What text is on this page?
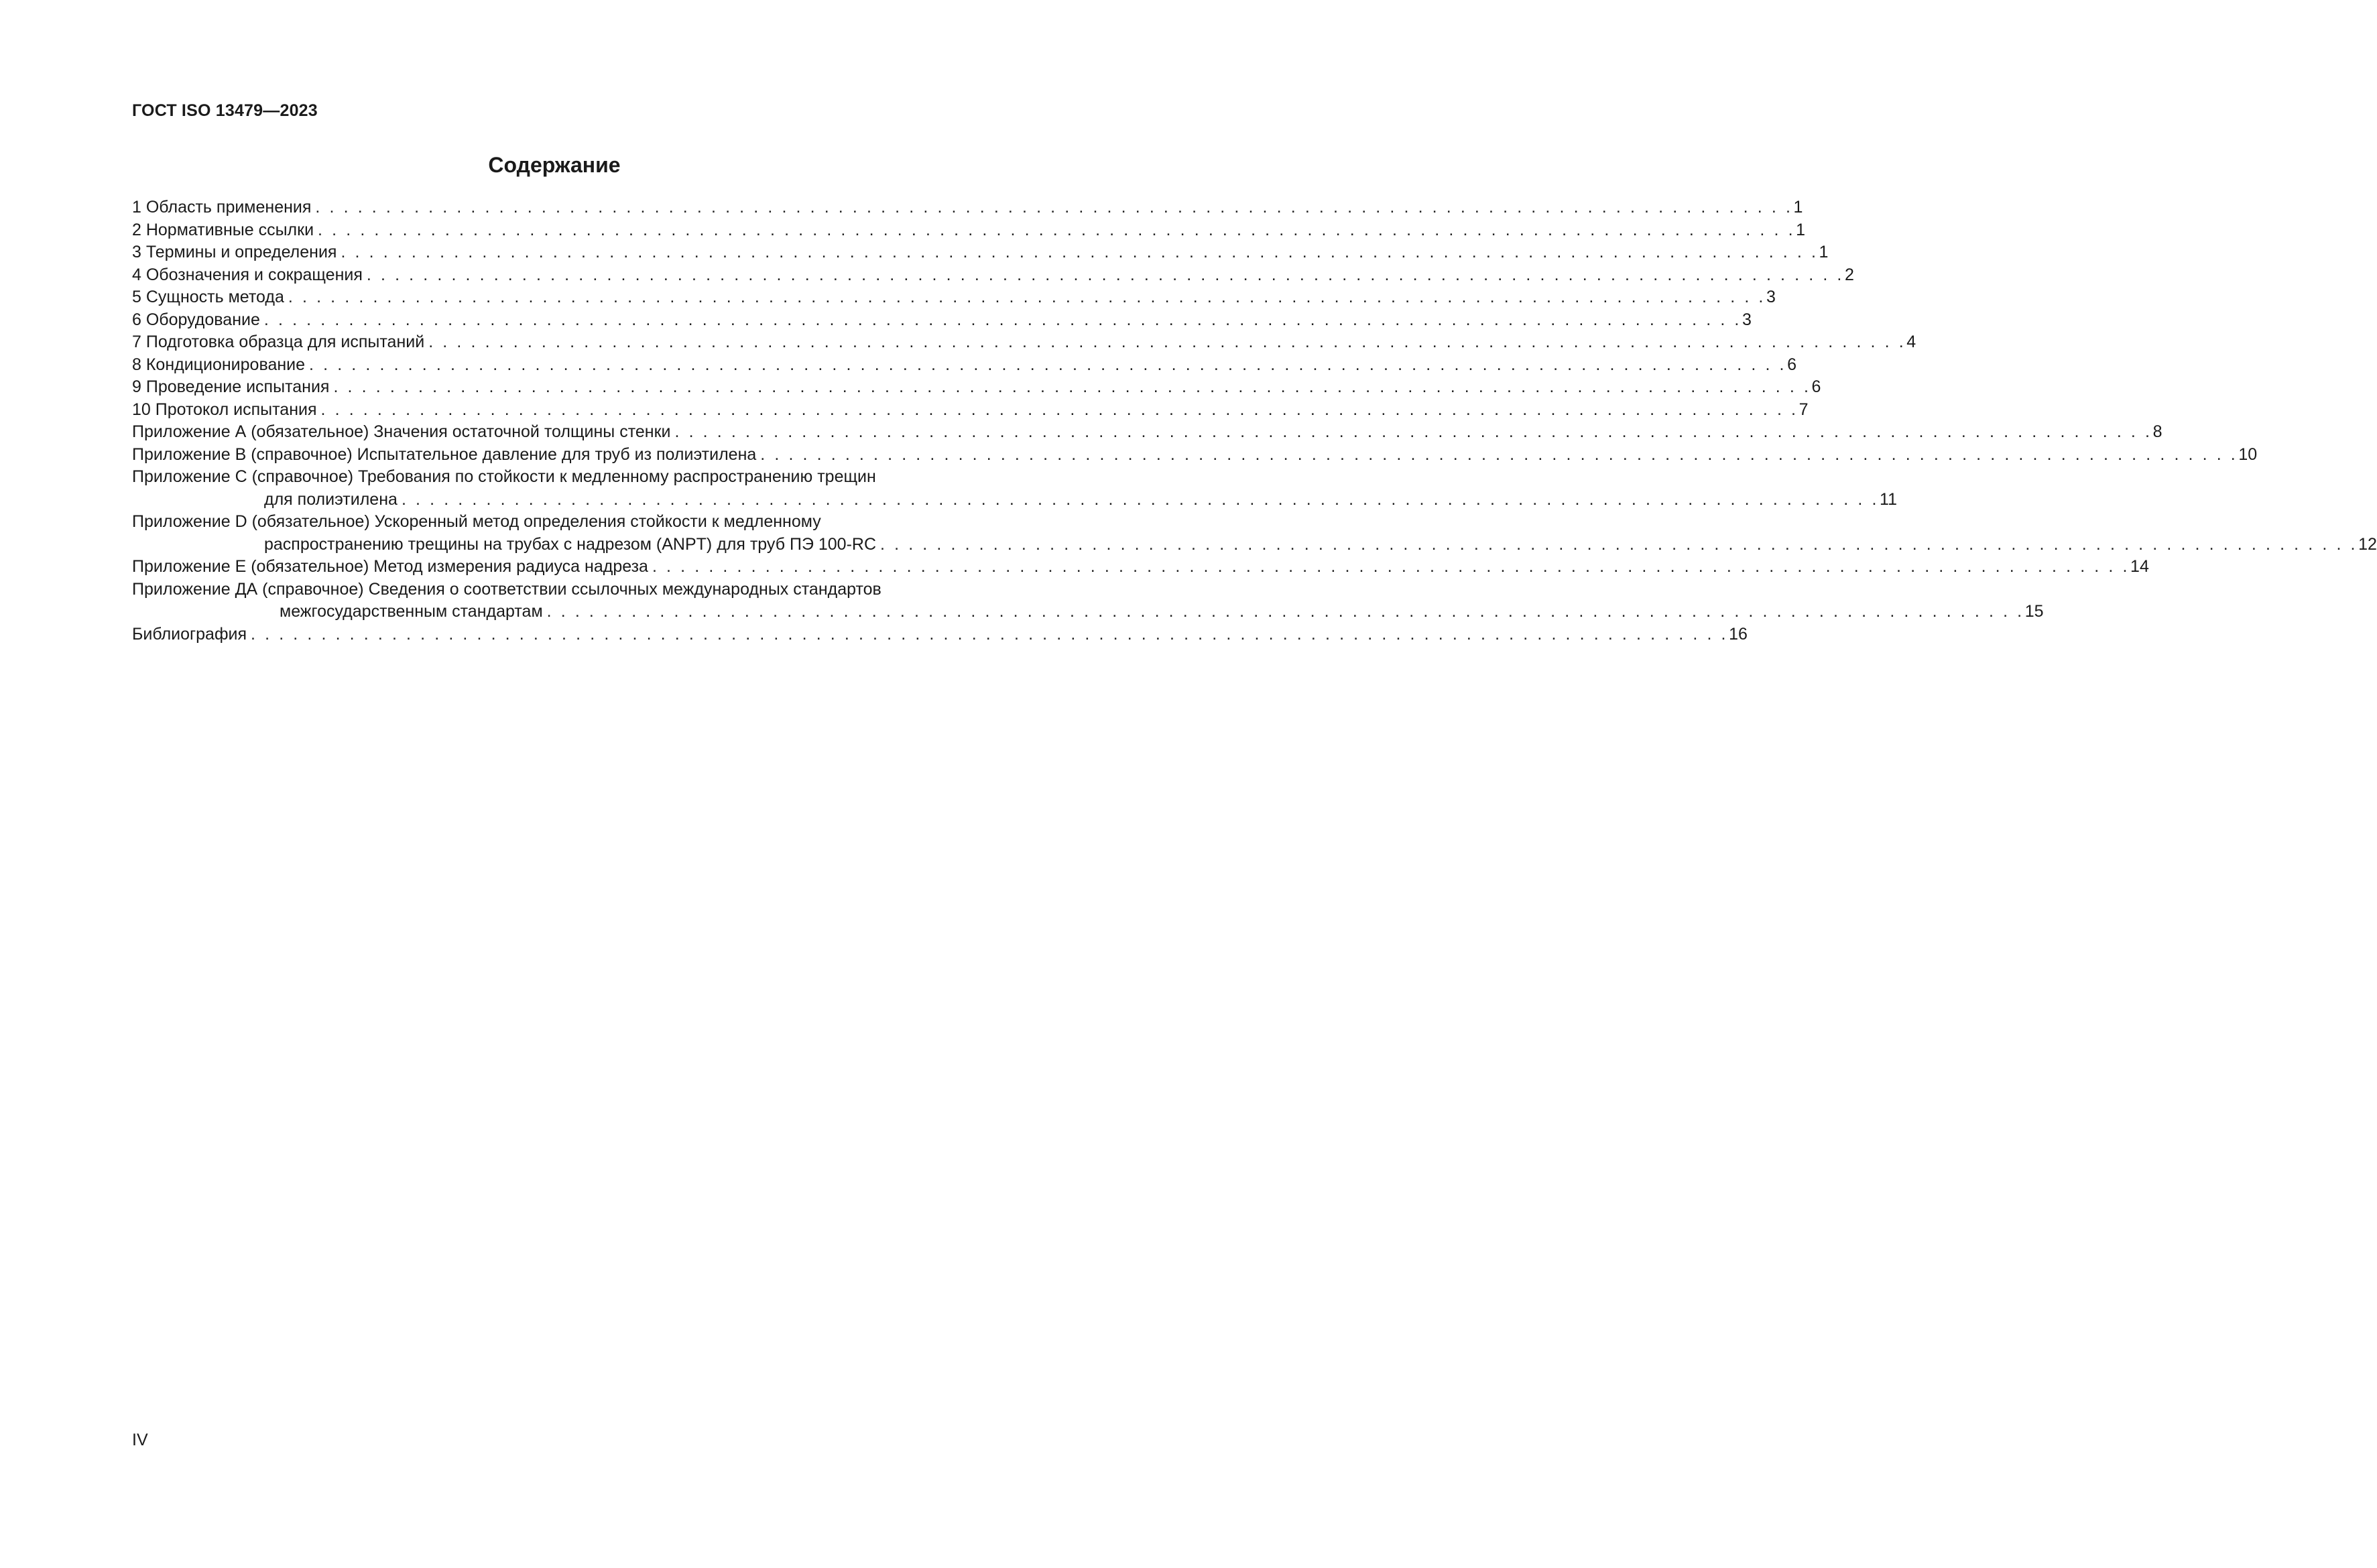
ГОСТ ISO 13479—2023
Содержание
1 Область применения . . . . . . . . . . . . . . . . . . . . . . . . . . . . . . . . . . . . . . . . . . . . . . . . . . . . . . . . . . . . . . . . . . . . . . . . . . . . . . . . . . . . . . . . . . . . . . . . . . . . . . . . . 1
2 Нормативные ссылки . . . . . . . . . . . . . . . . . . . . . . . . . . . . . . . . . . . . . . . . . . . . . . . . . . . . . . . . . . . . . . . . . . . . . . . . . . . . . . . . . . . . . . . . . . . . . . . . . . . . . . . . . 1
3 Термины и определения . . . . . . . . . . . . . . . . . . . . . . . . . . . . . . . . . . . . . . . . . . . . . . . . . . . . . . . . . . . . . . . . . . . . . . . . . . . . . . . . . . . . . . . . . . . . . . . . . . . . . . . . . 1
4 Обозначения и сокращения . . . . . . . . . . . . . . . . . . . . . . . . . . . . . . . . . . . . . . . . . . . . . . . . . . . . . . . . . . . . . . . . . . . . . . . . . . . . . . . . . . . . . . . . . . . . . . . . . . . . . . . . . 2
5 Сущность метода . . . . . . . . . . . . . . . . . . . . . . . . . . . . . . . . . . . . . . . . . . . . . . . . . . . . . . . . . . . . . . . . . . . . . . . . . . . . . . . . . . . . . . . . . . . . . . . . . . . . . . . . . 3
6 Оборудование . . . . . . . . . . . . . . . . . . . . . . . . . . . . . . . . . . . . . . . . . . . . . . . . . . . . . . . . . . . . . . . . . . . . . . . . . . . . . . . . . . . . . . . . . . . . . . . . . . . . . . . . . 3
7 Подготовка образца для испытаний . . . . . . . . . . . . . . . . . . . . . . . . . . . . . . . . . . . . . . . . . . . . . . . . . . . . . . . . . . . . . . . . . . . . . . . . . . . . . . . . . . . . . . . . . . . . . . . . . . . . . . . . . 4
8 Кондиционирование . . . . . . . . . . . . . . . . . . . . . . . . . . . . . . . . . . . . . . . . . . . . . . . . . . . . . . . . . . . . . . . . . . . . . . . . . . . . . . . . . . . . . . . . . . . . . . . . . . . . . . . . . 6
9 Проведение испытания . . . . . . . . . . . . . . . . . . . . . . . . . . . . . . . . . . . . . . . . . . . . . . . . . . . . . . . . . . . . . . . . . . . . . . . . . . . . . . . . . . . . . . . . . . . . . . . . . . . . . . . . . 6
10 Протокол испытания . . . . . . . . . . . . . . . . . . . . . . . . . . . . . . . . . . . . . . . . . . . . . . . . . . . . . . . . . . . . . . . . . . . . . . . . . . . . . . . . . . . . . . . . . . . . . . . . . . . . . . . . . 7
Приложение А (обязательное) Значения остаточной толщины стенки . . . . . . . . . . . . . . . . . . . . . . . . . . . . . . . . . . . . . . . . . . . . . . . . . . . . . . . . . . . . . . . . . . . . . . . . . . . . . . . . . . . . . . . . . . . . . . . . . . . . . . . . . 8
Приложение В (справочное) Испытательное давление для труб из полиэтилена . . . . . . . . . . . . . . . . . . . . . . . . . . . . . . . . . . . . . . . . . . . . . . . . . . . . . . . . . . . . . . . . . . . . . . . . . . . . . . . . . . . . . . . . . . . . . . . . . . . . . . . . . 10
Приложение С (справочное) Требования по стойкости к медленному распространению трещин
для полиэтилена . . . . . . . . . . . . . . . . . . . . . . . . . . . . . . . . . . . . . . . . . . . . . . . . . . . . . . . . . . . . . . . . . . . . . . . . . . . . . . . . . . . . . . . . . . . . . . . . . . . . . . . . . 11
Приложение D (обязательное) Ускоренный метод определения стойкости к медленному
распространению трещины на трубах с надрезом (ANPT) для труб ПЭ 100-RC . . . . . . . . . . . . . . . . . . . . . . . . . . . . . . . . . . . . . . . . . . . . . . . . . . . . . . . . . . . . . . . . . . . . . . . . . . . . . . . . . . . . . . . . . . . . . . . . . . . . . . . . . 12
Приложение Е (обязательное) Метод измерения радиуса надреза . . . . . . . . . . . . . . . . . . . . . . . . . . . . . . . . . . . . . . . . . . . . . . . . . . . . . . . . . . . . . . . . . . . . . . . . . . . . . . . . . . . . . . . . . . . . . . . . . . . . . . . . . 14
Приложение ДА (справочное) Сведения о соответствии ссылочных международных стандартов
межгосударственным стандартам . . . . . . . . . . . . . . . . . . . . . . . . . . . . . . . . . . . . . . . . . . . . . . . . . . . . . . . . . . . . . . . . . . . . . . . . . . . . . . . . . . . . . . . . . . . . . . . . . . . . . . . . . 15
Библиография . . . . . . . . . . . . . . . . . . . . . . . . . . . . . . . . . . . . . . . . . . . . . . . . . . . . . . . . . . . . . . . . . . . . . . . . . . . . . . . . . . . . . . . . . . . . . . . . . . . . . . . . . 16
IV
